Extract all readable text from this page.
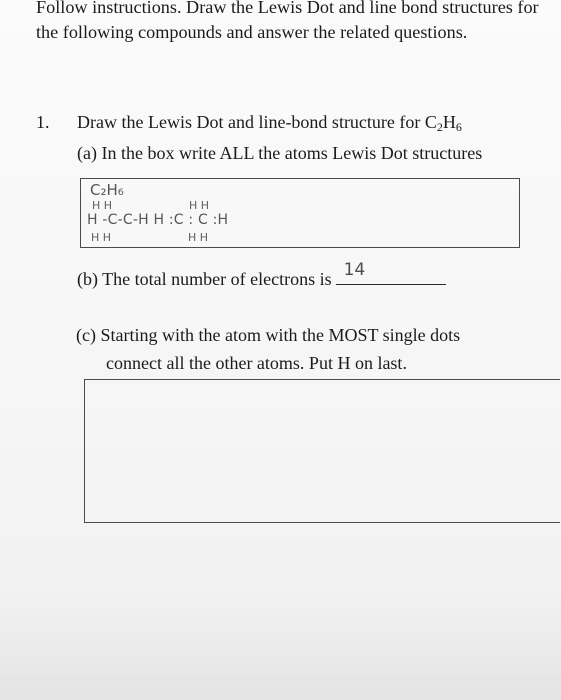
Follow instructions. Draw the Lewis Dot and line bond structures for the following compounds and answer the related questions.
1. Draw the Lewis Dot and line-bond structure for $C_2H_6$
(a) In the box write ALL the atoms Lewis Dot structures
C₂H₆
H H	H H
H -C-C-H H :C : C :H
H H	H H
(b) The total number of electrons is 14
(c) Starting with the atom with the MOST single dots
connect all the other atoms. Put H on last.
